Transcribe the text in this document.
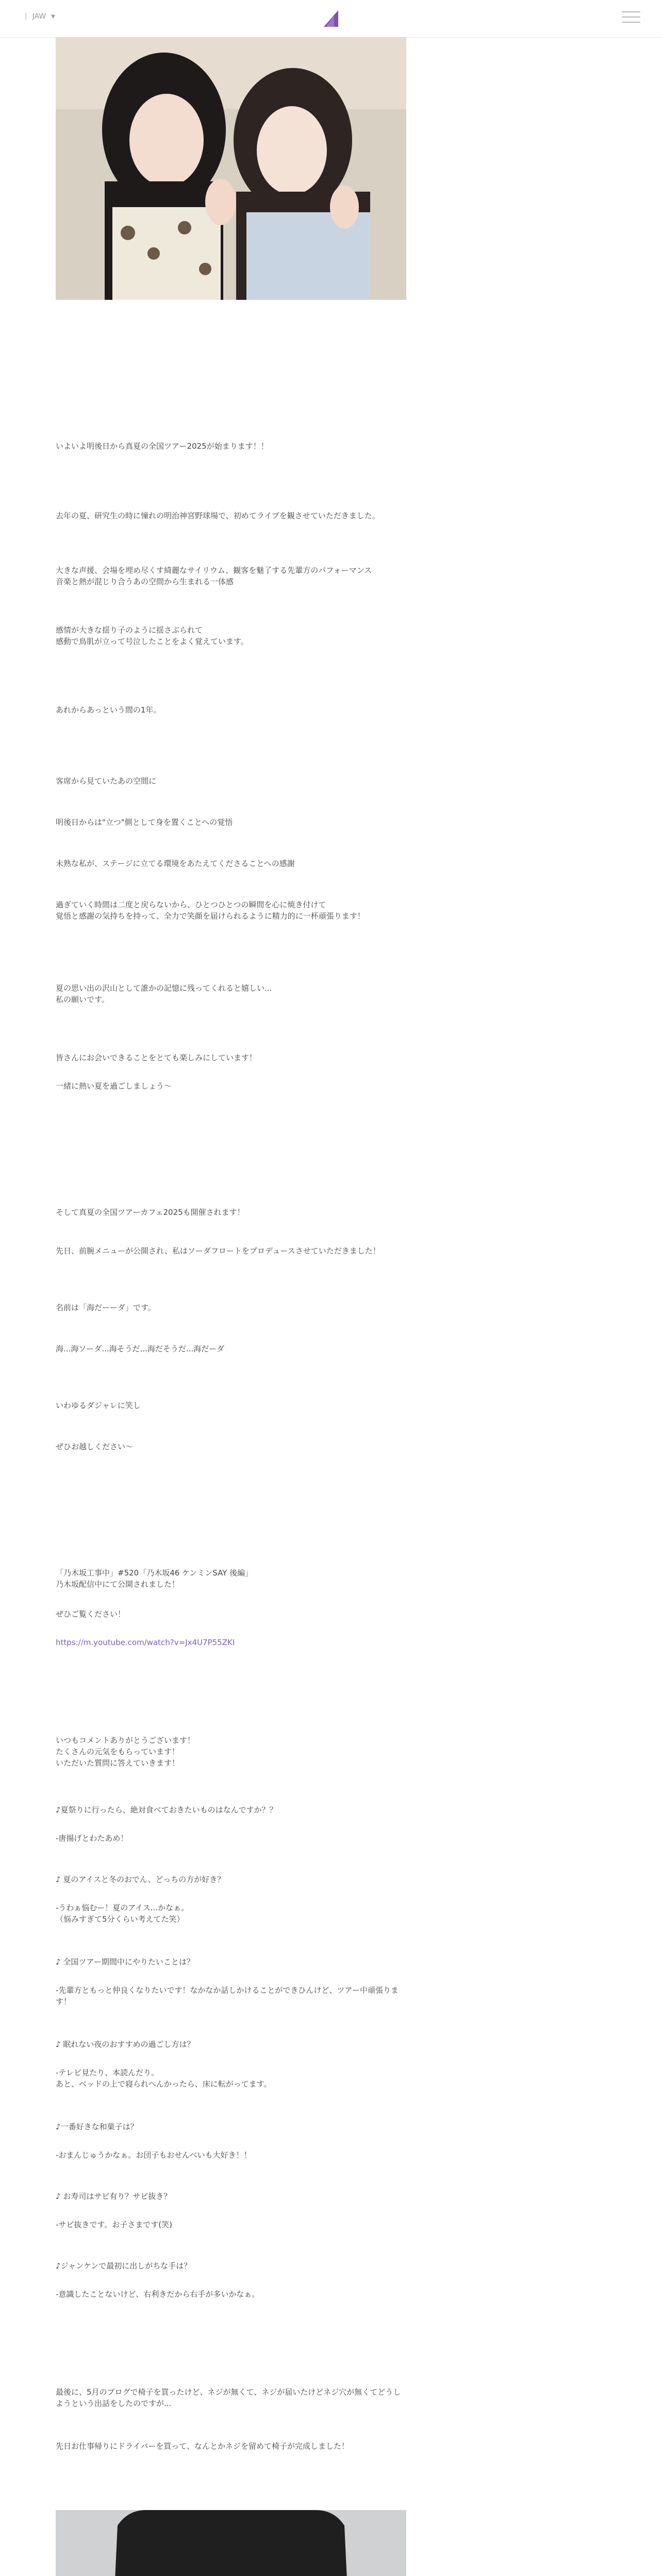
| JAW ▼

いよいよ明後日から真夏の全国ツアー2025が始まります！！

去年の夏、研究生の時に憧れの明治神宮野球場で、初めてライブを観させていただきました。

大きな声援、会場を埋め尽くす綺麗なサイリウム、観客を魅了する先輩方のパフォーマンス
音楽と熱が混じり合うあの空間から生まれる一体感

感情が大きな揺り子のように揺さぶられて
感動で鳥肌が立って号泣したことをよく覚えています。

あれからあっという間の1年。

客席から見ていたあの空間に

明後日からは"立つ"側として身を置くことへの覚悟

未熟な私が、ステージに立てる環境をあたえてくださることへの感謝

過ぎていく時間は二度と戻らないから、ひとつひとつの瞬間を心に焼き付けて
覚悟と感謝の気持ちを持って、全力で笑顔を届けられるように精力的に一杯頑張ります！

夏の思い出の沢山として誰かの記憶に残ってくれると嬉しい...
私の願いです。

皆さんにお会いできることをとても楽しみにしています！

一緒に熱い夏を過ごしましょう〜

そして真夏の全国ツアーカフェ2025も開催されます！

先日、前腕メニューが公開され、私はソーダフロートをプロデュースさせていただきました！

名前は「海だーーダ」です。

海...海ソーダ...海そうだ...海だそうだ...海だーダ

いわゆるダジャレに笑し

ぜひお越しください〜

「乃木坂工事中」#520「乃木坂46 ケンミンSAY 後編」
乃木坂配信中にて公開されました！

ぜひご覧ください！

https://m.youtube.com/watch?v=Jx4U7P55ZKI

いつもコメントありがとうございます！
たくさんの元気をもらっています！
いただいた質問に答えていきます！

♪夏祭りに行ったら、絶対食べておきたいものはなんですか？？

-唐揚げとわたあめ！

♪ 夏のアイスと冬のおでん、どっちの方が好き？

-うわぁ悩むー！夏のアイス...かなぁ。
（悩みすぎて5分くらい考えてた笑）

♪ 全国ツアー期間中にやりたいことは？

-先輩方ともっと仲良くなりたいです！なかなか話しかけることができひんけど、ツアー中頑張ります！

♪ 眠れない夜のおすすめの過ごし方は？

-テレビ見たり、本読んだり。
あと、ベッドの上で寝ら⁡れへんかったら、床に転がってます。

♪一番好きな和菓子は？

-おまんじゅうかなぁ。お団子もおせんべいも大好き！！

♪ お寿司はサビ有り？サビ抜き？

-サビ抜きです。お子さまです(笑)

♪ジャンケンで最初に出しがちな手は？

-意識したことないけど、右利きだから右手が多いかなぁ。

最後に、5月のブログで椅子を買ったけど、ネジが無くて、ネジが届いたけどネジ穴が無くてどうしようという出話をしたのですが...

先日お仕事帰りにドライバーを買って、なんとかネジを留めて椅子が完成しました！
